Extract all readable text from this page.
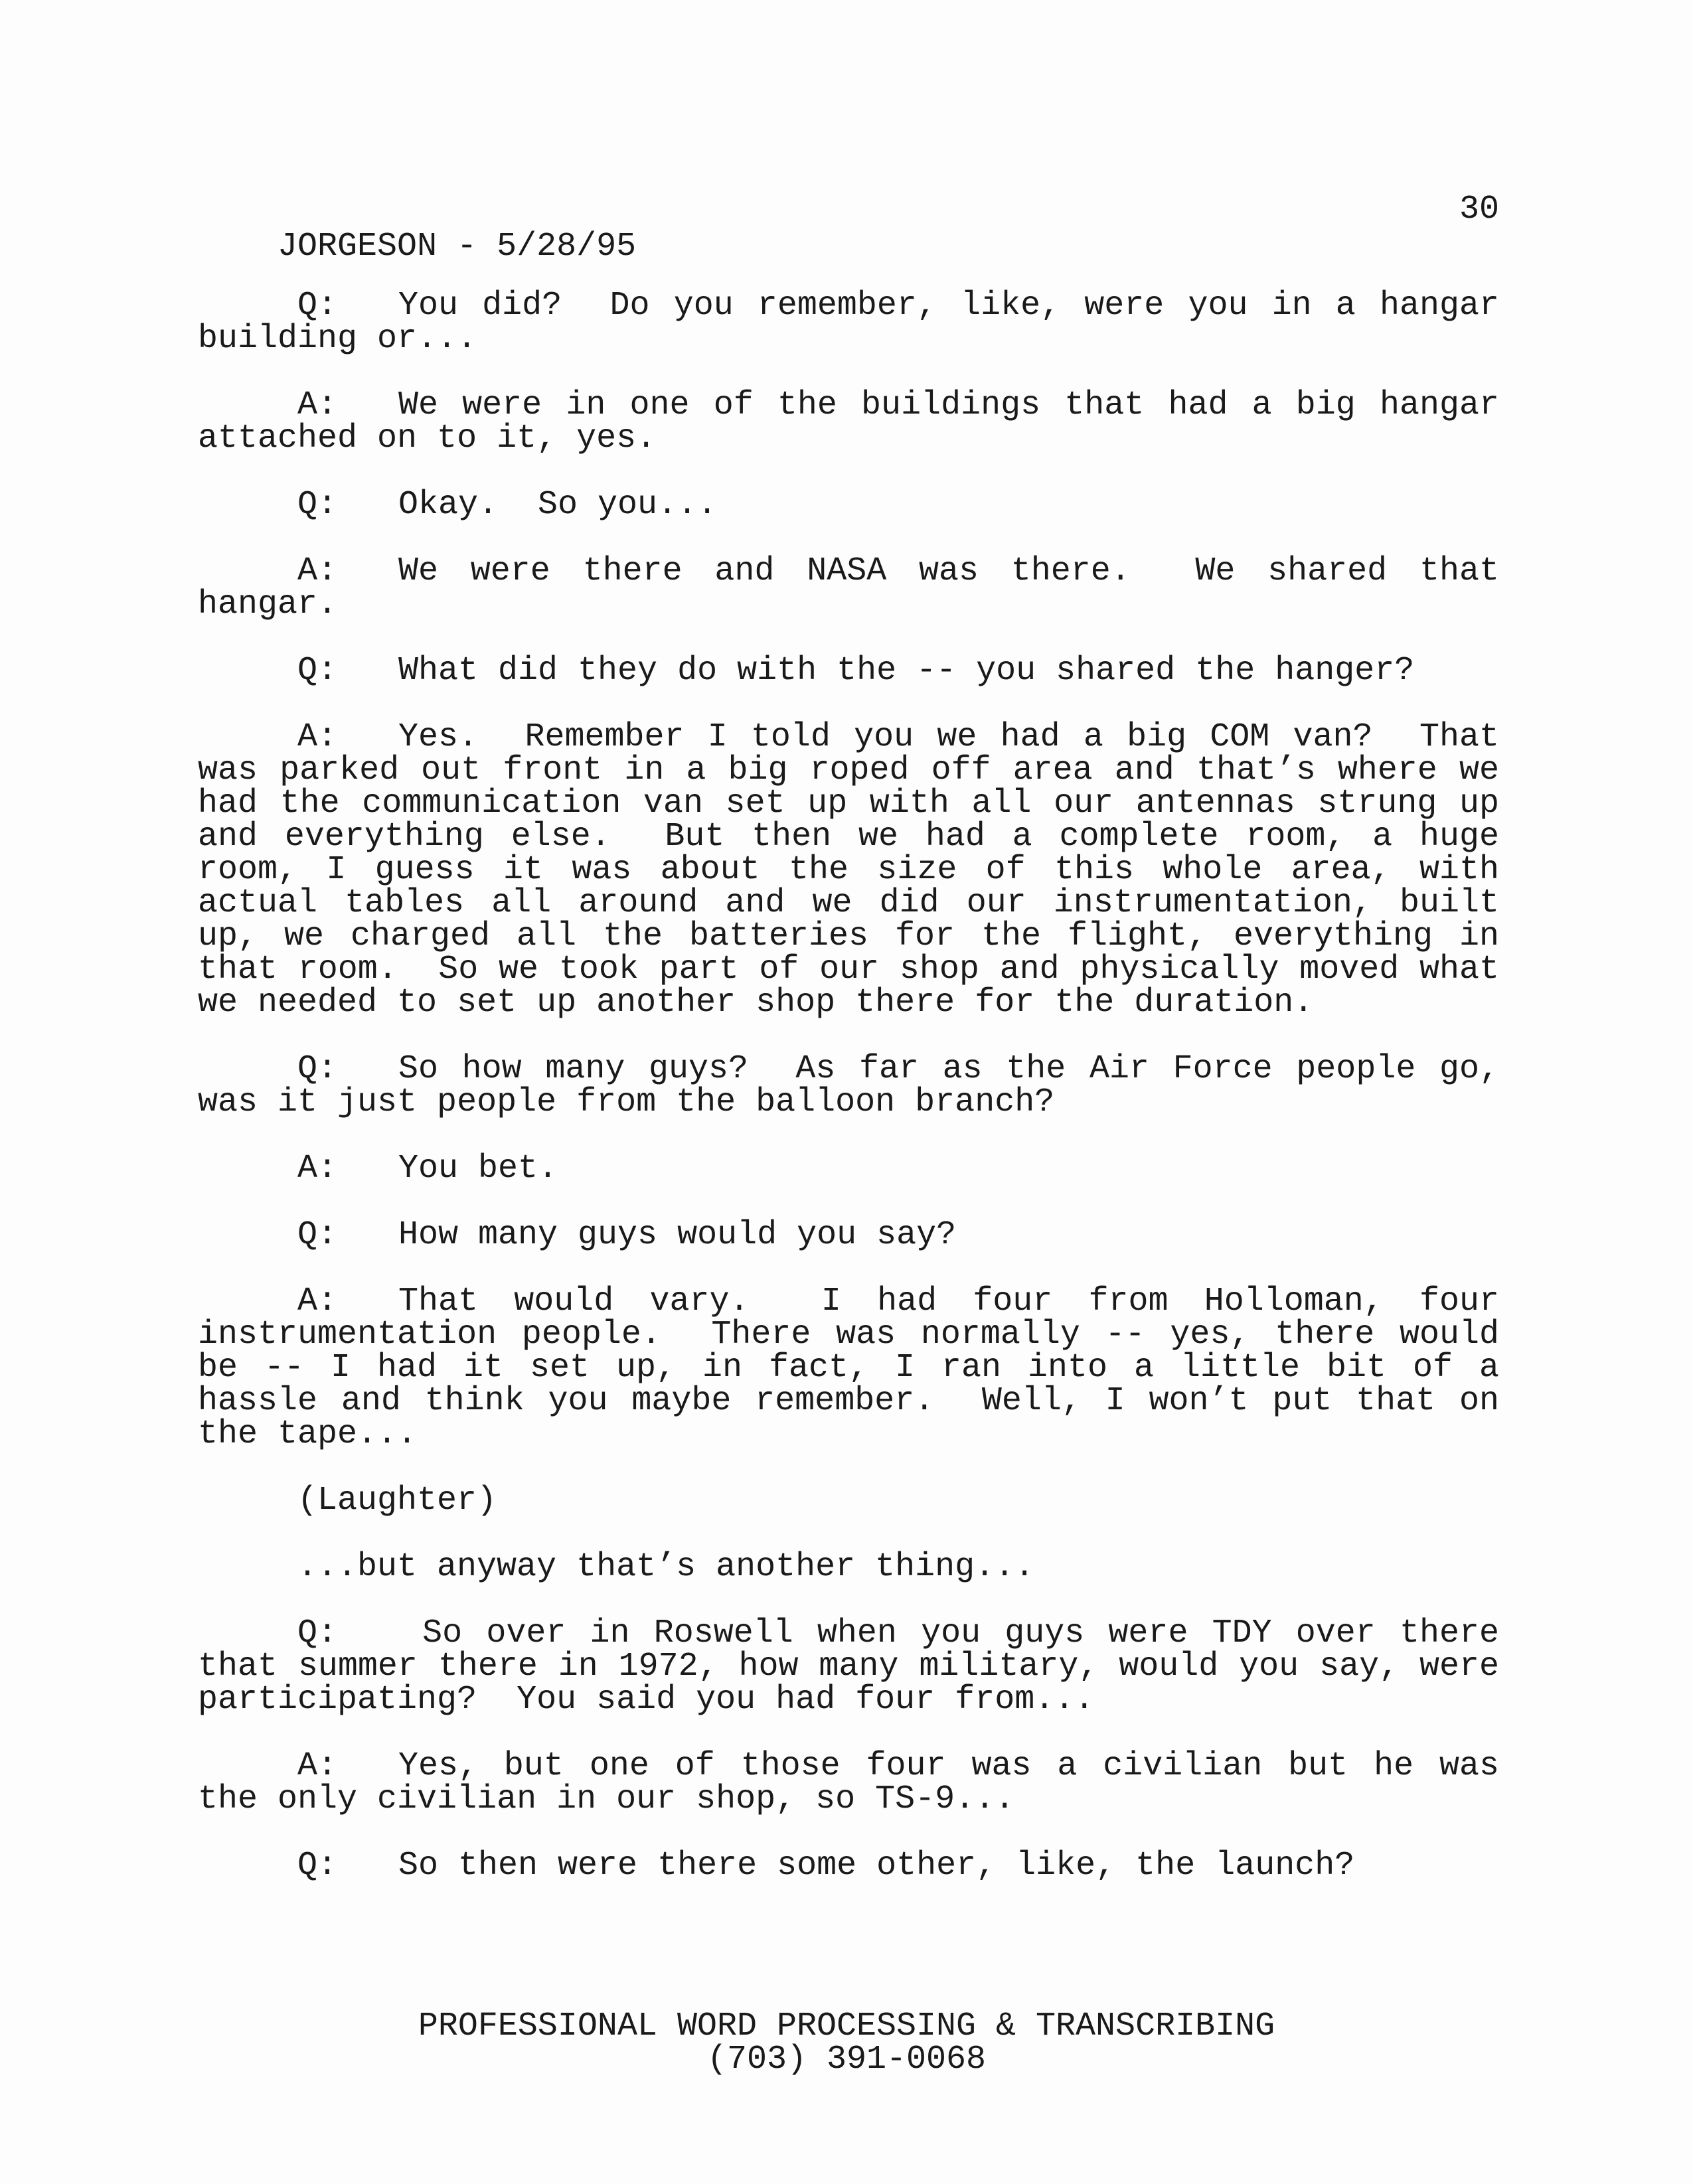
JORGESON - 5/28/95

30

Q: You did?  Do you remember, like, were you in a hangar building or...

A: We were in one of the buildings that had a big hangar attached on to it, yes.

Q: Okay.  So you...

A: We were there and NASA was there.  We shared that hangar.

Q: What did they do with the -- you shared the hanger?

A: Yes.  Remember I told you we had a big COM van?  That was parked out front in a big roped off area and that’s where we had the communication van set up with all our antennas strung up and everything else.  But then we had a complete room, a huge room, I guess it was about the size of this whole area, with actual tables all around and we did our instrumentation, built up, we charged all the batteries for the flight, everything in that room.  So we took part of our shop and physically moved what we needed to set up another shop there for the duration.

Q: So how many guys?  As far as the Air Force people go, was it just people from the balloon branch?

A: You bet.

Q: How many guys would you say?

A: That would vary.  I had four from Holloman, four instrumentation people.  There was normally -- yes, there would be -- I had it set up, in fact, I ran into a little bit of a hassle and think you maybe remember.  Well, I won’t put that on the tape...

(Laughter)

...but anyway that’s another thing...

Q: So over in Roswell when you guys were TDY over there that summer there in 1972, how many military, would you say, were participating?  You said you had four from...

A: Yes, but one of those four was a civilian but he was the only civilian in our shop, so TS-9...

Q: So then were there some other, like, the launch?

PROFESSIONAL WORD PROCESSING & TRANSCRIBING
(703) 391-0068
